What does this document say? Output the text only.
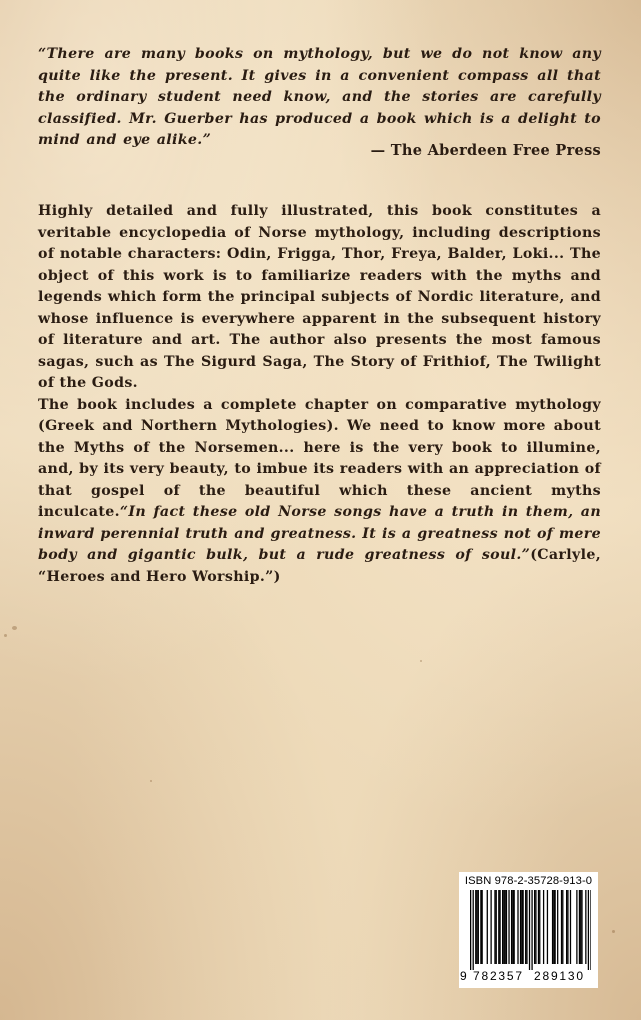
“There are many books on mythology, but we do not know any quite like the present. It gives in a convenient compass all that the ordinary student need know, and the stories are carefully classified. Mr. Guerber has produced a book which is a delight to mind and eye alike.”
— The Aberdeen Free Press

Highly detailed and fully illustrated, this book constitutes a veritable encyclopedia of Norse mythology, including descriptions of notable characters: Odin, Frigga, Thor, Freya, Balder, Loki... The object of this work is to familiarize readers with the myths and legends which form the principal subjects of Nordic literature, and whose influence is everywhere apparent in the subsequent history of literature and art. The author also presents the most famous sagas, such as The Sigurd Saga, The Story of Frithiof, The Twilight of the Gods.

The book includes a complete chapter on comparative mythology (Greek and Northern Mythologies). We need to know more about the Myths of the Norsemen... here is the very book to illumine, and, by its very beauty, to imbue its readers with an appreciation of that gospel of the beautiful which these ancient myths inculcate.“In fact these old Norse songs have a truth in them, an inward perennial truth and greatness. It is a greatness not of mere body and gigantic bulk, but a rude greatness of soul.”(Carlyle, “Heroes and Hero Worship.”)

ISBN 978-2-35728-913-0
9 782357 289130
